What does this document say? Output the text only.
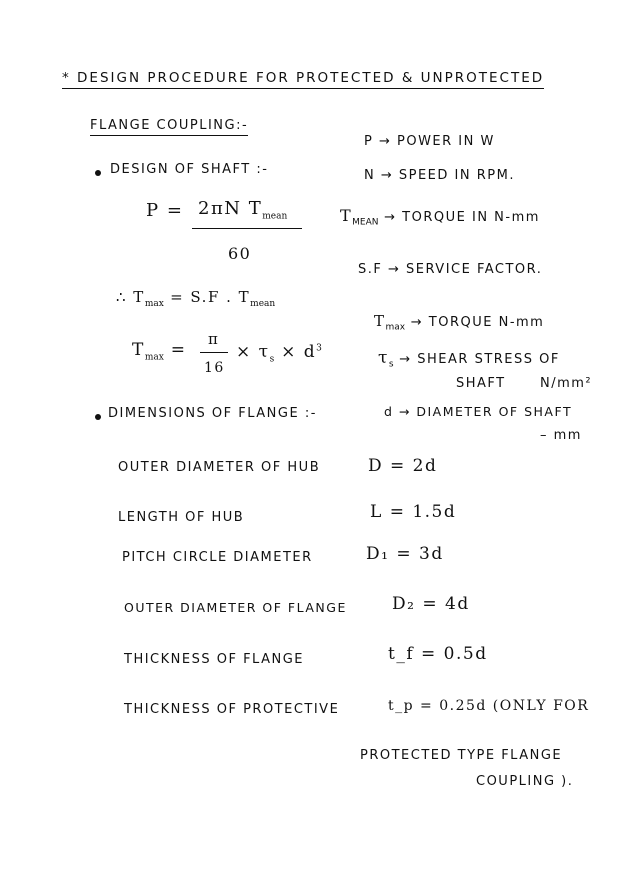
* DESIGN PROCEDURE FOR PROTECTED & UNPROTECTED
FLANGE COUPLING:-
DESIGN OF SHAFT :-
P = 2πN $T_{mean}$
60
∴ $T_{max} = S.F$ . $T_{mean}$
$T_{max}$ =
π
16
× $\tau_s \times d^3$
P → POWER IN W
N → SPEED IN RPM.
$T_{MEAN}$ → TORQUE IN N-mm
S.F → SERVICE FACTOR.
$T_{max}$ → TORQUE N-mm
$\tau_s$ → SHEAR STRESS OF
SHAFT	N/mm²
d → DIAMETER OF SHAFT
– mm
DIMENSIONS OF FLANGE :-
OUTER DIAMETER OF HUB	D = 2d
LENGTH OF HUB	L = 1.5d
PITCH CIRCLE DIAMETER	D₁ = 3d
OUTER DIAMETER OF FLANGE	D₂ = 4d
THICKNESS OF FLANGE	t_f = 0.5d
THICKNESS OF PROTECTIVE	t_p = 0.25d (ONLY FOR
PROTECTED TYPE FLANGE
COUPLING ).
